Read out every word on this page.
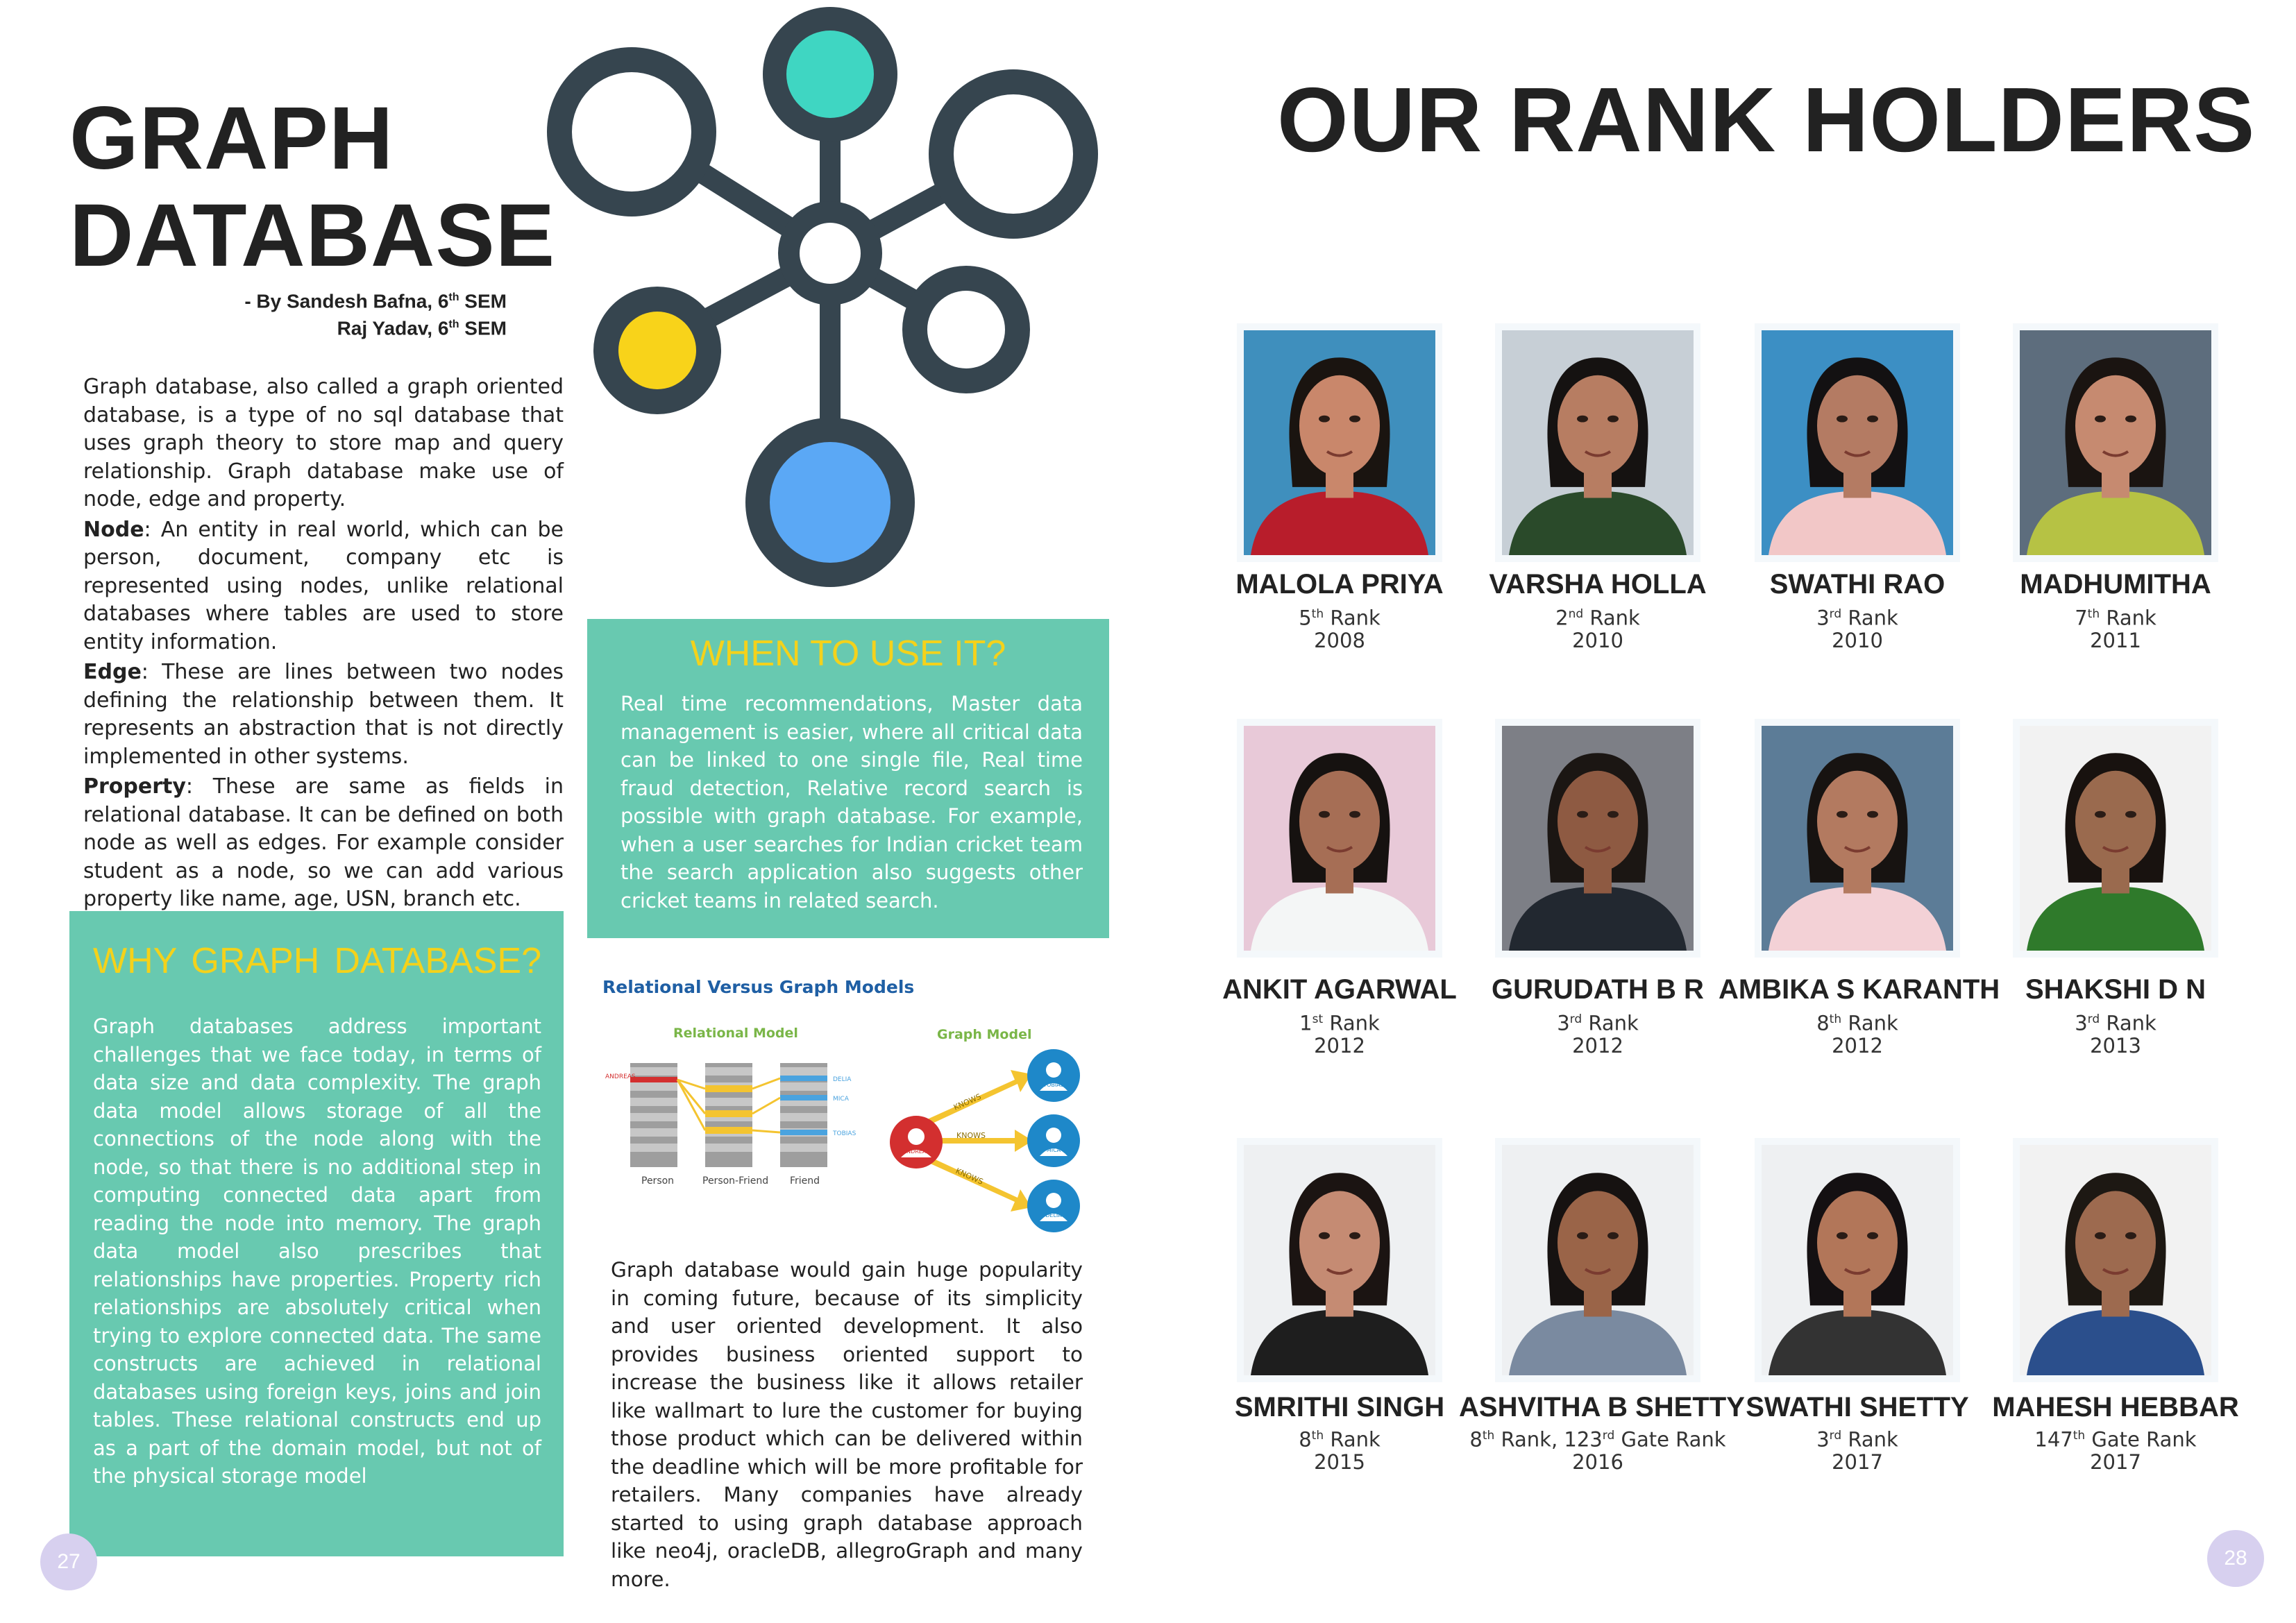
GRAPH
DATABASE
- By Sandesh Bafna, 6th SEM
Raj Yadav, 6th SEM
Graph database, also called a graph oriented database, is a type of no sql database that uses graph theory to store map and query relationship. Graph database make use of node, edge and property.
Node: An entity in real world, which can be person, document, company etc is represented using nodes, unlike relational databases where tables are used to store entity information.
Edge: These are lines between two nodes defining the relationship between them. It represents an abstraction that is not directly implemented in other systems.
Property: These are same as fields in relational database. It can be defined on both node as well as edges. For example consider student as a node, so we can add various property like name, age, USN, branch etc.
WHY GRAPH DATABASE?
Graph databases address important challenges that we face today, in terms of data size and data complexity. The graph data model allows storage of all the connections of the node along with the node, so that there is no additional step in computing connected data apart from reading the node into memory. The graph data model also prescribes that relationships have properties. Property rich relationships are absolutely critical when trying to explore connected data. The same constructs are achieved in relational databases using foreign keys, joins and join tables. These relational constructs end up as a part of the domain model, but not of the physical storage model
WHEN TO USE IT?
Real time recommendations, Master data management is easier, where all critical data can be linked to one single file, Real time fraud detection, Relative record search is possible with graph database. For example, when a user searches for Indian cricket team the search application also suggests other cricket teams in related search.
Relational Versus Graph Models
Relational Model	Graph Model
ANDREAS	DELIA
MICA
TOBIAS
Person	Person-Friend Friend
KNOWS
KNOWS
KNOWS
ANDREAS
TOBIAS
MICA
DELIA
Graph database would gain huge popularity in coming future, because of its simplicity and user oriented development. It also provides business oriented support to increase the business like it allows retailer like wallmart to lure the customer for buying those product which can be delivered within the deadline which will be more profitable for retailers. Many companies have already started to using graph database approach like neo4j, oracleDB, allegroGraph and many more.
27
OUR RANK HOLDERS
MALOLA PRIYA
5th Rank
2008
VARSHA HOLLA
2nd Rank
2010
SWATHI RAO
3rd Rank
2010
MADHUMITHA
7th Rank
2011
ANKIT AGARWAL
1st Rank
2012
GURUDATH B R
3rd Rank
2012
AMBIKA S KARANTH
8th Rank
2012
SHAKSHI D N
3rd Rank
2013
SMRITHI SINGH
8th Rank
2015
ASHVITHA B SHETTY
8th Rank, 123rd Gate Rank
2016
SWATHI SHETTY
3rd Rank
2017
MAHESH HEBBAR
147th Gate Rank
2017
28
